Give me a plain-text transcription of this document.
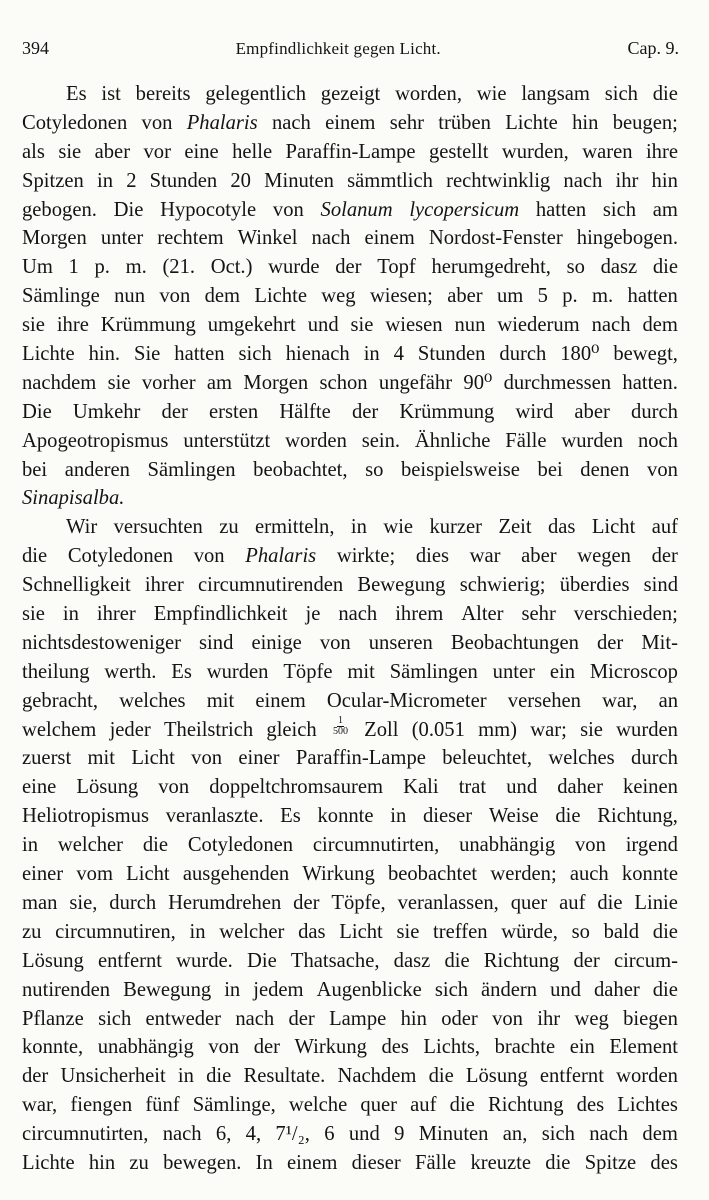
394	Empfindlichkeit gegen Licht.	Cap. 9.
Es ist bereits gelegentlich gezeigt worden, wie langsam sich die
Cotyledonen von Phalaris nach einem sehr trüben Lichte hin beugen;
als sie aber vor eine helle Paraffin-Lampe gestellt wurden, waren ihre
Spitzen in 2 Stunden 20 Minuten sämmtlich rechtwinklig nach ihr hin
gebogen. Die Hypocotyle von Solanum lycopersicum hatten sich am
Morgen unter rechtem Winkel nach einem Nordost-Fenster hingebogen.
Um 1 p. m. (21. Oct.) wurde der Topf herumgedreht, so dasz die
Sämlinge nun von dem Lichte weg wiesen; aber um 5 p. m. hatten
sie ihre Krümmung umgekehrt und sie wiesen nun wiederum nach dem
Lichte hin. Sie hatten sich hienach in 4 Stunden durch 180⁰ bewegt,
nachdem sie vorher am Morgen schon ungefähr 90⁰ durchmessen hatten.
Die Umkehr der ersten Hälfte der Krümmung wird aber durch
Apogeotropismus unterstützt worden sein. Ähnliche Fälle wurden noch
bei anderen Sämlingen beobachtet, so beispielsweise bei denen von
Sinapis alba.
Wir versuchten zu ermitteln, in wie kurzer Zeit das Licht auf
die Cotyledonen von Phalaris wirkte; dies war aber wegen der
Schnelligkeit ihrer circumnutirenden Bewegung schwierig; überdies sind
sie in ihrer Empfindlichkeit je nach ihrem Alter sehr verschieden;
nichtsdestoweniger sind einige von unseren Beobachtungen der Mit-
theilung werth. Es wurden Töpfe mit Sämlingen unter ein Microscop
gebracht, welches mit einem Ocular-Micrometer versehen war, an
welchem jeder Theilstrich gleich $\frac{1}{500}$ Zoll (0.051 mm) war; sie wurden
zuerst mit Licht von einer Paraffin-Lampe beleuchtet, welches durch
eine Lösung von doppeltchromsaurem Kali trat und daher keinen
Heliotropismus veranlaszte. Es konnte in dieser Weise die Richtung,
in welcher die Cotyledonen circumnutirten, unabhängig von irgend
einer vom Licht ausgehenden Wirkung beobachtet werden; auch konnte
man sie, durch Herumdrehen der Töpfe, veranlassen, quer auf die Linie
zu circumnutiren, in welcher das Licht sie treffen würde, so bald die
Lösung entfernt wurde. Die Thatsache, dasz die Richtung der circum-
nutirenden Bewegung in jedem Augenblicke sich ändern und daher die
Pflanze sich entweder nach der Lampe hin oder von ihr weg biegen
konnte, unabhängig von der Wirkung des Lichts, brachte ein Element
der Unsicherheit in die Resultate. Nachdem die Lösung entfernt worden
war, fiengen fünf Sämlinge, welche quer auf die Richtung des Lichtes
circumnutirten, nach 6, 4, 7¹/₂, 6 und 9 Minuten an, sich nach dem
Lichte hin zu bewegen. In einem dieser Fälle kreuzte die Spitze des
